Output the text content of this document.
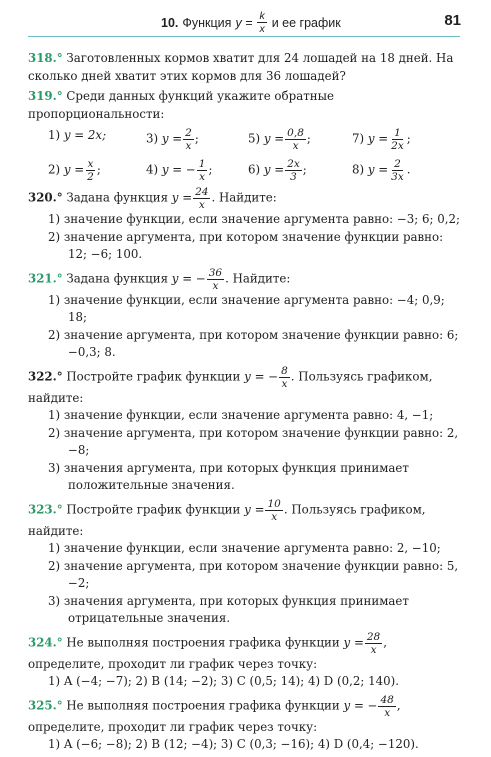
10. Функция $y = \frac{k}{x}$ и ее график	81
318.° Заготовленных кормов хватит для 24 лошадей на 18 дней. На сколько дней хватит этих кормов для 36 лошадей?
319.° Среди данных функций укажите обратные пропорциональности:
1) y = 2x;	3) $y = \frac{2}{x}$ ;	5) $y = \frac{0,8}{x}$ ;	7) $y = \frac{1}{2x}$ ;
2) $y = \frac{x}{2}$ ;	4) y = − $\frac{1}{x}$ ;	6) $y = \frac{2x}{3}$ ;	8) $y = \frac{2}{3x}$ .
320.° Задана функция $y = \frac{24}{x}$ . Найдите:
1) значение функции, если значение аргумента равно: −3; 6; 0,2;
2) значение аргумента, при котором значение функции равно: 12; −6; 100.
321.° Задана функция y = − $\frac{36}{x}$ . Найдите:
1) значение функции, если значение аргумента равно: −4; 0,9; 18;
2) значение аргумента, при котором значение функции равно: 6; −0,3; 8.
322.° Постройте график функции y = − $\frac{8}{x}$ . Пользуясь графиком, найдите:
1) значение функции, если значение аргумента равно: 4, −1;
2) значение аргумента, при котором значение функции равно: 2, −8;
3) значения аргумента, при которых функция принимает положительные значения.
323.° Постройте график функции $y = \frac{10}{x}$ . Пользуясь графиком, найдите:
1) значение функции, если значение аргумента равно: 2, −10;
2) значение аргумента, при котором значение функции равно: 5, −2;
3) значения аргумента, при которых функция принимает отрицательные значения.
324.° Не выполняя построения графика функции $y = \frac{28}{x}$ , определите, проходит ли график через точку:
1) A (−4; −7); 2) B (14; −2); 3) C (0,5; 14); 4) D (0,2; 140).
325.° Не выполняя построения графика функции y = − $\frac{48}{x}$ , определите, проходит ли график через точку:
1) A (−6; −8); 2) B (12; −4); 3) C (0,3; −16); 4) D (0,4; −120).
